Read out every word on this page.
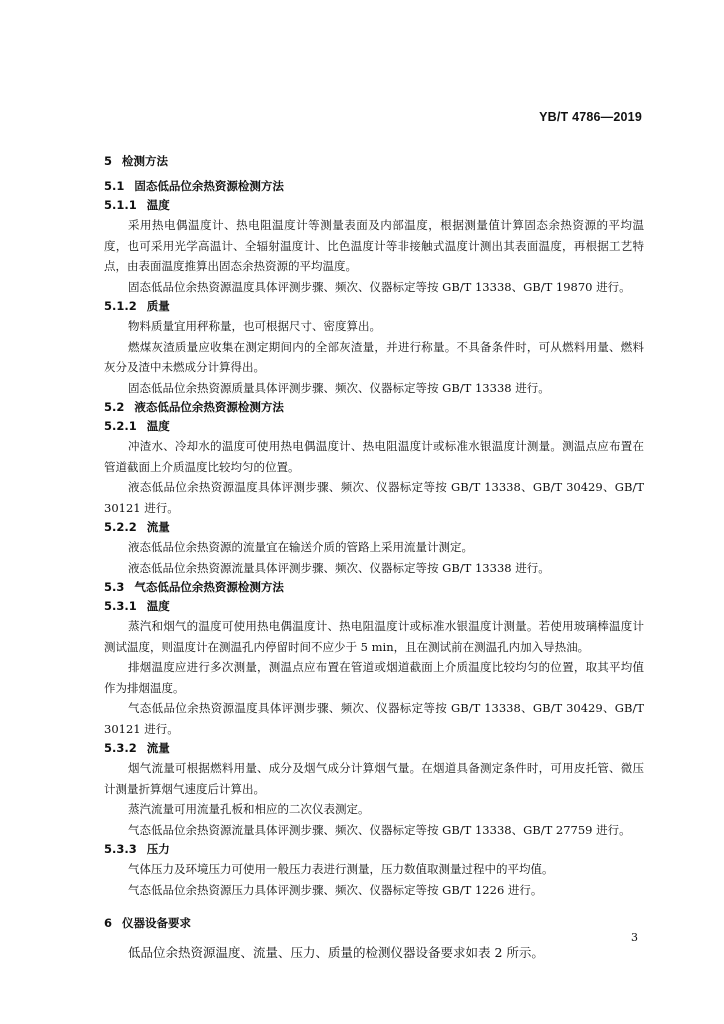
YB/T 4786—2019
5 检测方法
5.1 固态低品位余热资源检测方法
5.1.1 温度
采用热电偶温度计、热电阻温度计等测量表面及内部温度，根据测量值计算固态余热资源的平均温度，也可采用光学高温计、全辐射温度计、比色温度计等非接触式温度计测出其表面温度，再根据工艺特点，由表面温度推算出固态余热资源的平均温度。
固态低品位余热资源温度具体评测步骤、频次、仪器标定等按 GB/T 13338、GB/T 19870 进行。
5.1.2 质量
物料质量宜用秤称量，也可根据尺寸、密度算出。
燃煤灰渣质量应收集在测定期间内的全部灰渣量，并进行称量。不具备条件时，可从燃料用量、燃料灰分及渣中未燃成分计算得出。
固态低品位余热资源质量具体评测步骤、频次、仪器标定等按 GB/T 13338 进行。
5.2 液态低品位余热资源检测方法
5.2.1 温度
冲渣水、冷却水的温度可使用热电偶温度计、热电阻温度计或标准水银温度计测量。测温点应布置在管道截面上介质温度比较均匀的位置。
液态低品位余热资源温度具体评测步骤、频次、仪器标定等按 GB/T 13338、GB/T 30429、GB/T 30121 进行。
5.2.2 流量
液态低品位余热资源的流量宜在输送介质的管路上采用流量计测定。
液态低品位余热资源流量具体评测步骤、频次、仪器标定等按 GB/T 13338 进行。
5.3 气态低品位余热资源检测方法
5.3.1 温度
蒸汽和烟气的温度可使用热电偶温度计、热电阻温度计或标准水银温度计测量。若使用玻璃棒温度计测试温度，则温度计在测温孔内停留时间不应少于 5 min，且在测试前在测温孔内加入导热油。
排烟温度应进行多次测量，测温点应布置在管道或烟道截面上介质温度比较均匀的位置，取其平均值作为排烟温度。
气态低品位余热资源温度具体评测步骤、频次、仪器标定等按 GB/T 13338、GB/T 30429、GB/T 30121 进行。
5.3.2 流量
烟气流量可根据燃料用量、成分及烟气成分计算烟气量。在烟道具备测定条件时，可用皮托管、微压计测量折算烟气速度后计算出。
蒸汽流量可用流量孔板和相应的二次仪表测定。
气态低品位余热资源流量具体评测步骤、频次、仪器标定等按 GB/T 13338、GB/T 27759 进行。
5.3.3 压力
气体压力及环境压力可使用一般压力表进行测量，压力数值取测量过程中的平均值。
气态低品位余热资源压力具体评测步骤、频次、仪器标定等按 GB/T 1226 进行。
6 仪器设备要求
低品位余热资源温度、流量、压力、质量的检测仪器设备要求如表 2 所示。
3
